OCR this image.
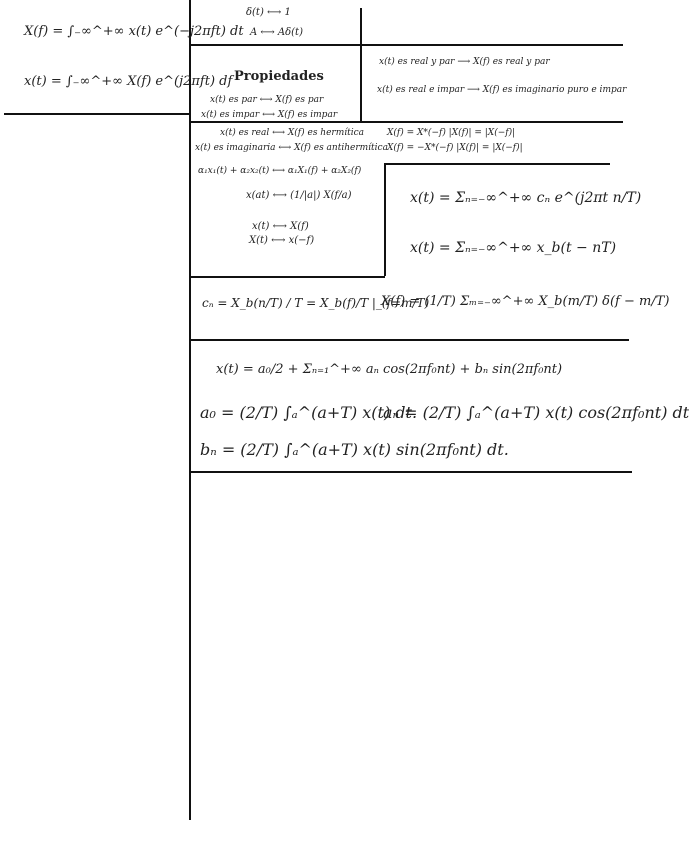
X(f) = ∫₋∞^+∞ x(t) e^(−j2πft) dt
x(t) = ∫₋∞^+∞ X(f) e^(j2πft) df
δ(t) ⟷ 1
A ⟷ Aδ(t)
x(t) es real y par ⟶ X(f) es real y par
x(t) es real e impar ⟶ X(f) es imaginario puro e impar
Propiedades
x(t) es par ⟷ X(f) es par
x(t) es impar ⟷ X(f) es impar
x(t) es real ⟷ X(f) es hermítica	X(f) = X*(−f) |X(f)| = |X(−f)|
x(t) es imaginaria ⟷ X(f) es antihermítica X(f) = −X*(−f) |X(f)| = |X(−f)|
α₁x₁(t) + α₂x₂(t) ⟷ α₁X₁(f) + α₂X₂(f)
x(at) ⟷ (1/|a|) X(f/a)
x(t) ⟷ X(f)
X(t) ⟷ x(−f)
x(t) = Σₙ₌₋∞^+∞ cₙ e^(j2πt n/T)
x(t) = Σₙ₌₋∞^+∞ x_b(t − nT)
cₙ = X_b(n/T) / T = X_b(f)/T |_(f=m/T)
X(f) = (1/T) Σₘ₌₋∞^+∞ X_b(m/T) δ(f − m/T)
x(t) = a₀/2 + Σₙ₌₁^+∞ aₙ cos(2πf₀nt) + bₙ sin(2πf₀nt)
a₀ = (2/T) ∫ₐ^(a+T) x(t) dt.
aₙ = (2/T) ∫ₐ^(a+T) x(t) cos(2πf₀nt) dt
bₙ = (2/T) ∫ₐ^(a+T) x(t) sin(2πf₀nt) dt.
